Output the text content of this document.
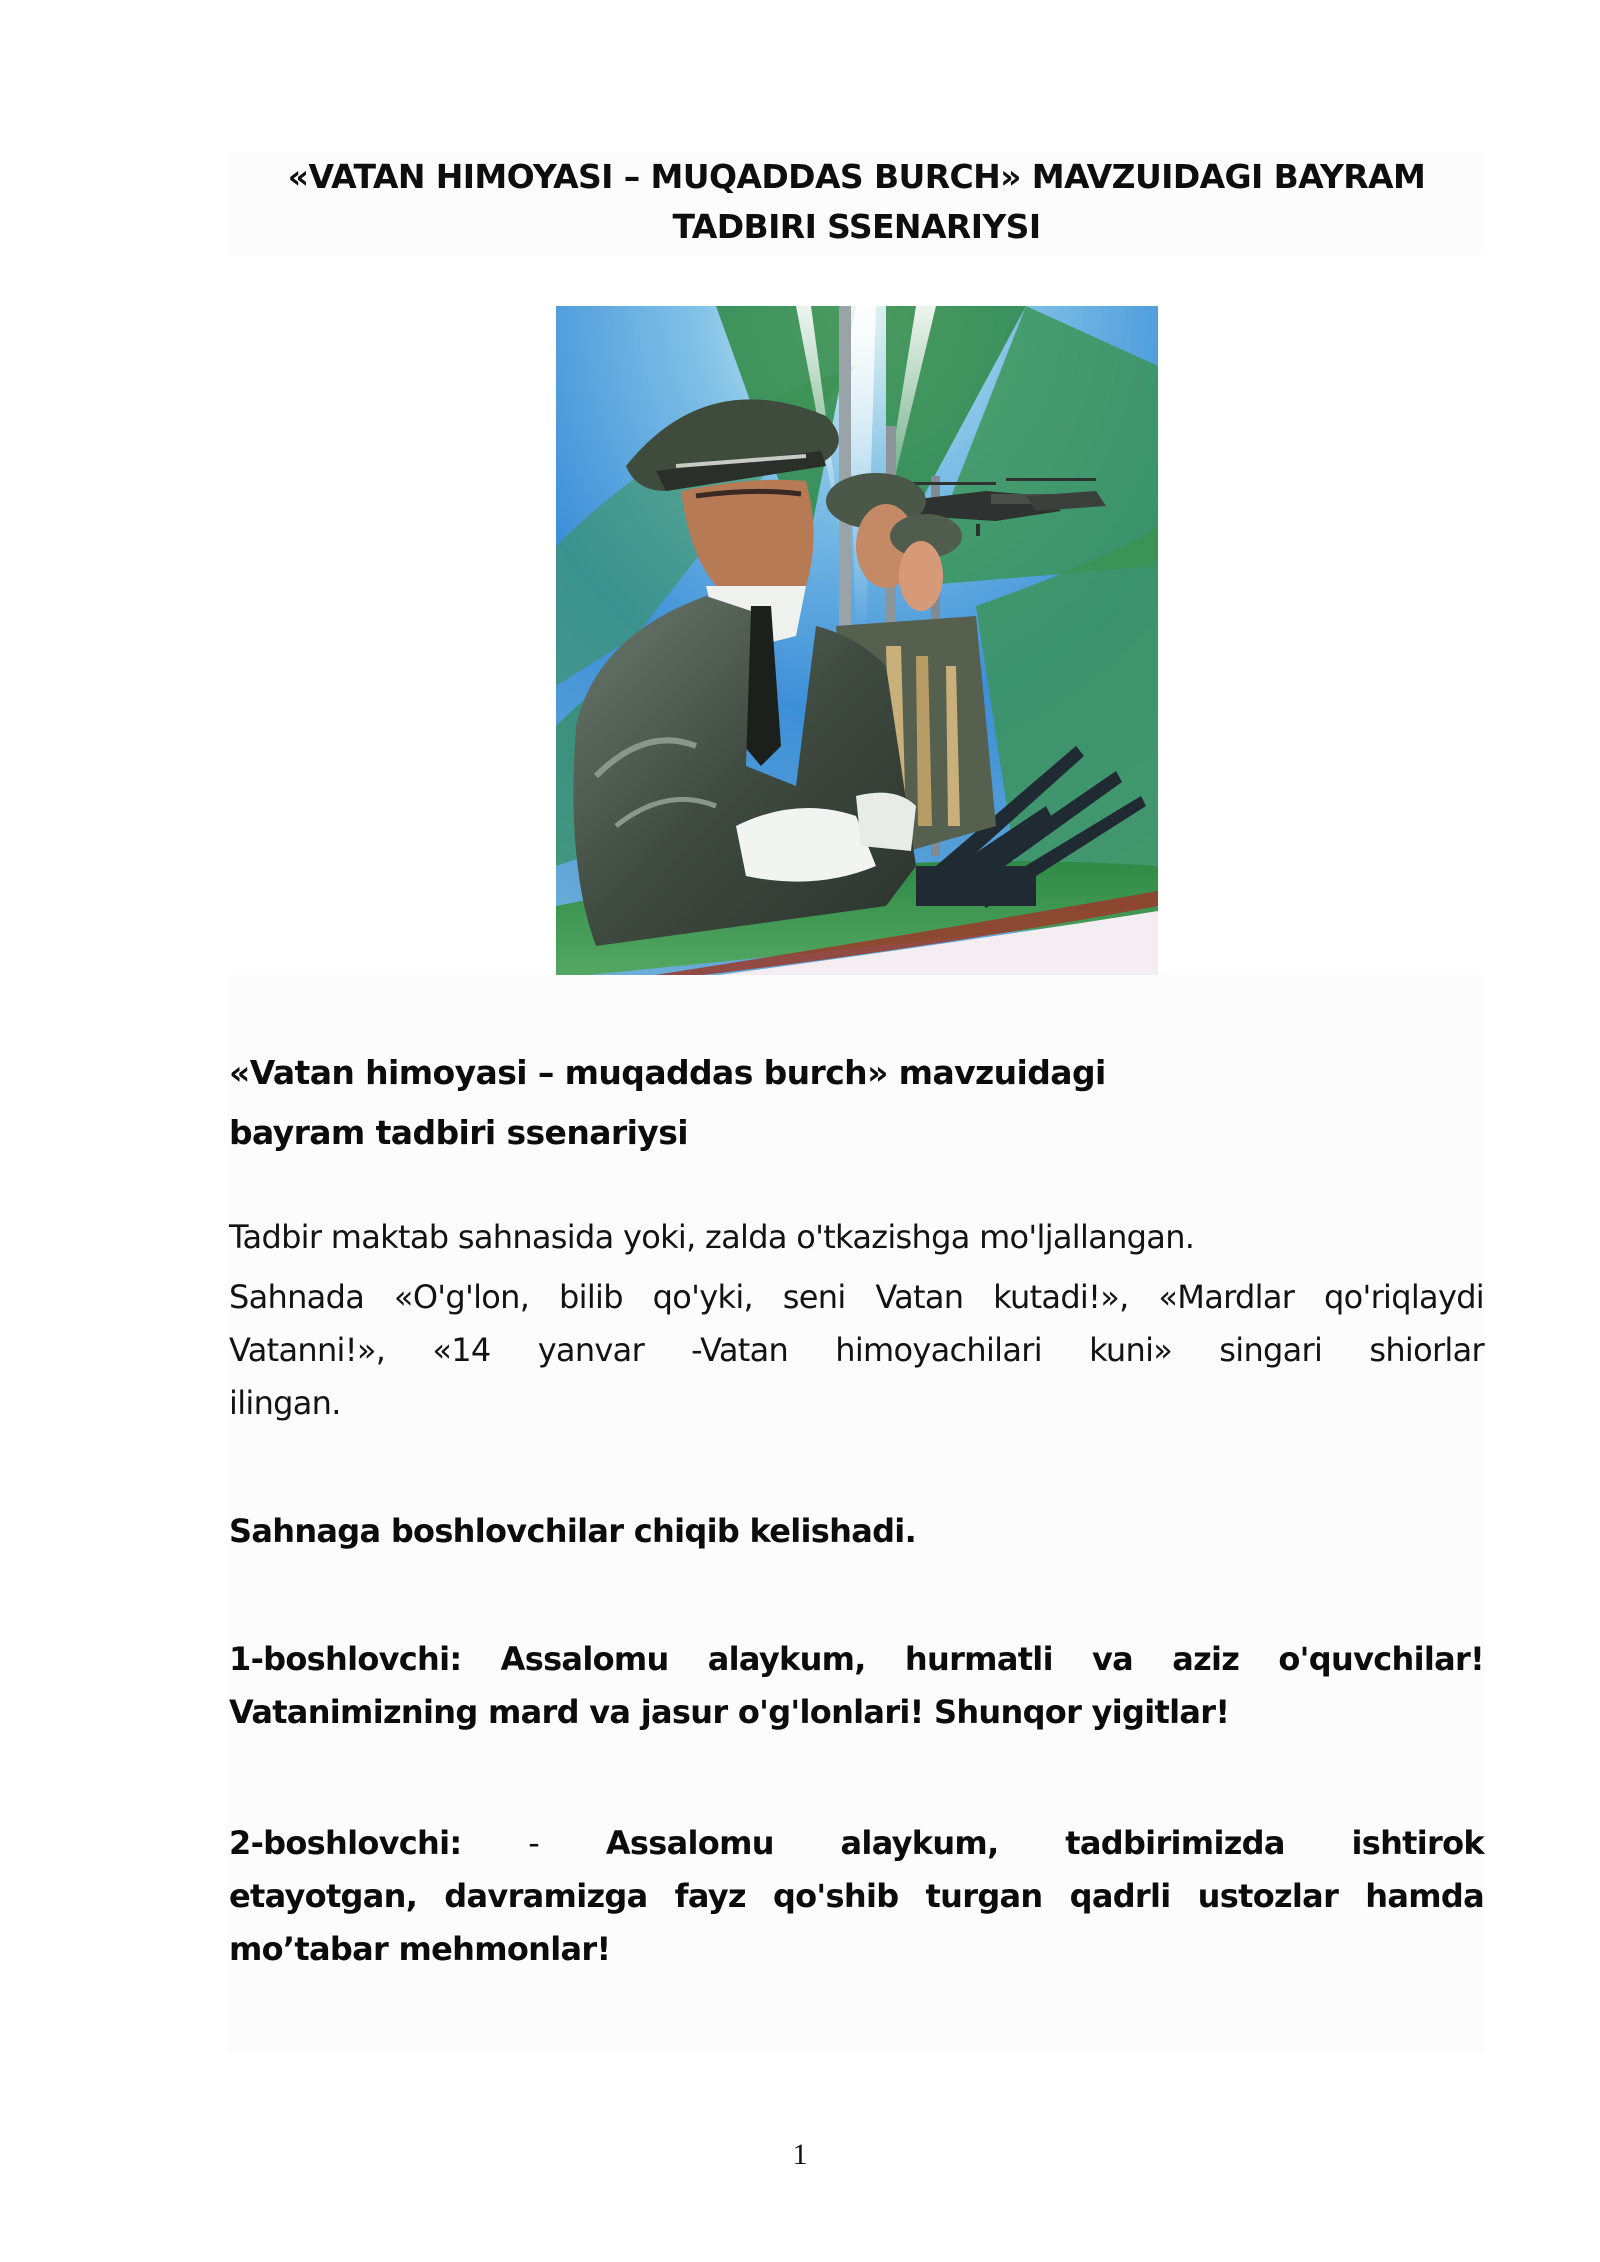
«VATAN HIMOYASI – MUQADDAS BURCH» MAVZUIDAGI BAYRAM
TADBIRI SSENARIYSI
«Vatan himoyasi – muqaddas burch» mavzuidagi
bayram tadbiri ssenariysi
Tadbir maktab sahnasida yoki, zalda o'tkazishga mo'ljallangan.
Sahnada «O'g'lon, bilib qo'yki, seni Vatan kutadi!», «Mardlar qo'riqlaydi
Vatanni!», «14 yanvar -Vatan himoyachilari kuni» singari shiorlar
ilingan.
Sahnaga boshlovchilar chiqib kelishadi.
1-boshlovchi: Assalomu alaykum, hurmatli va aziz o'quvchilar!
Vatanimizning mard va jasur o'g'lonlari! Shunqor yigitlar!
2-boshlovchi: - Assalomu alaykum, tadbirimizda ishtirok
etayotgan, davramizga fayz qo'shib turgan qadrli ustozlar hamda
mo’tabar mehmonlar!
1
